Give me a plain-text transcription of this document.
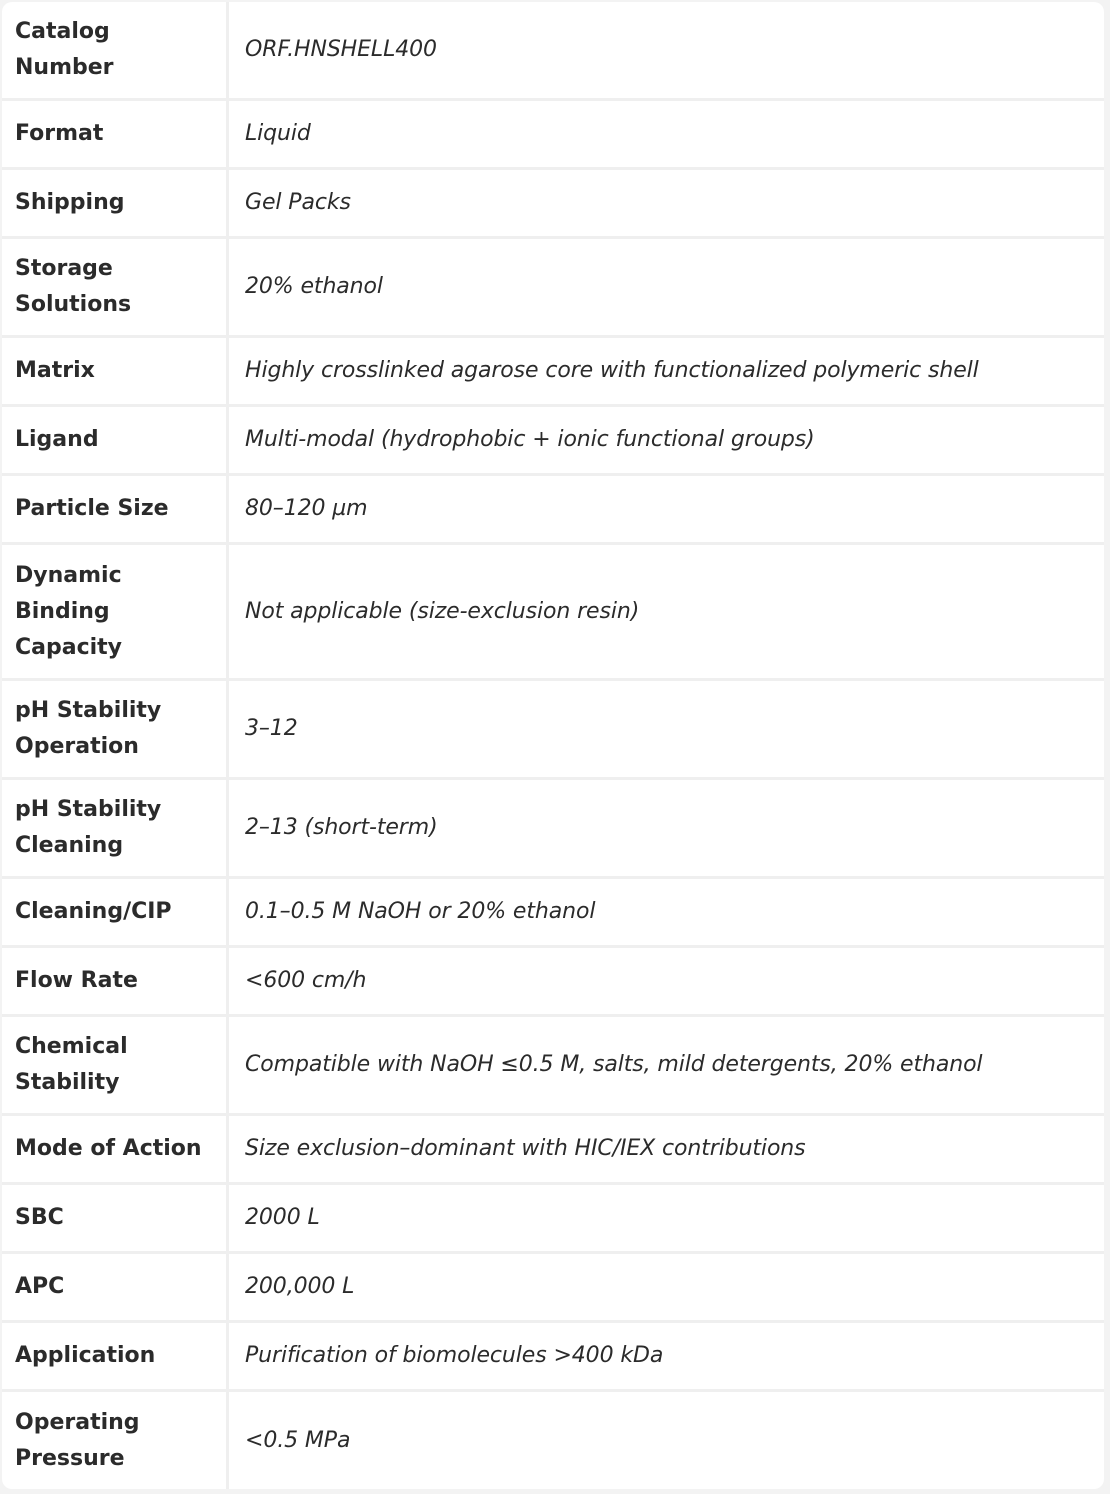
Catalog Number	ORF.HNSHELL400
Format	Liquid
Shipping	Gel Packs
Storage Solutions	20% ethanol
Matrix	Highly crosslinked agarose core with functionalized polymeric shell
Ligand	Multi-modal (hydrophobic + ionic functional groups)
Particle Size	80–120 µm
Dynamic Binding Capacity	Not applicable (size-exclusion resin)
pH Stability Operation	3–12
pH Stability Cleaning	2–13 (short-term)
Cleaning/CIP	0.1–0.5 M NaOH or 20% ethanol
Flow Rate	<600 cm/h
Chemical Stability	Compatible with NaOH ≤0.5 M, salts, mild detergents, 20% ethanol
Mode of Action	Size exclusion–dominant with HIC/IEX contributions
SBC	2000 L
APC	200,000 L
Application	Purification of biomolecules >400 kDa
Operating Pressure	<0.5 MPa
